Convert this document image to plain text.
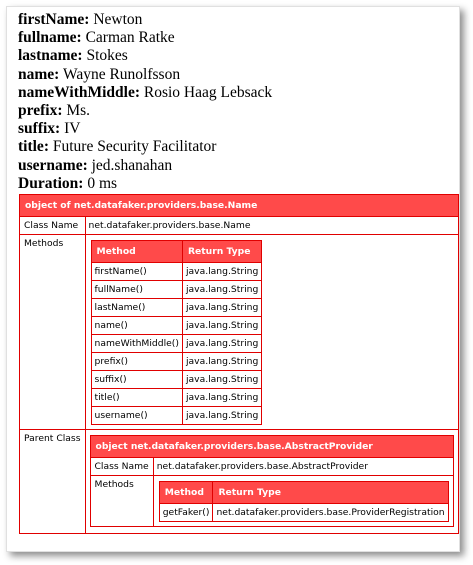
firstName: Newton
fullname: Carman Ratke
lastname: Stokes
name: Wayne Runolfsson
nameWithMiddle: Rosio Haag Lebsack
prefix: Ms.
suffix: IV
title: Future Security Facilitator
username: jed.shanahan
Duration: 0 ms
object of net.datafaker.providers.base.Name
Class Name	net.datafaker.providers.base.Name
Methods	
Method	Return Type
firstName()	java.lang.String
fullName()	java.lang.String
lastName()	java.lang.String
name()	java.lang.String
nameWithMiddle()	java.lang.String
prefix()	java.lang.String
suffix()	java.lang.String
title()	java.lang.String
username()	java.lang.String

Parent Class	
object net.datafaker.providers.base.AbstractProvider
Class Name	net.datafaker.providers.base.AbstractProvider
Methods	
Method	Return Type
getFaker()	net.datafaker.providers.base.ProviderRegistration
